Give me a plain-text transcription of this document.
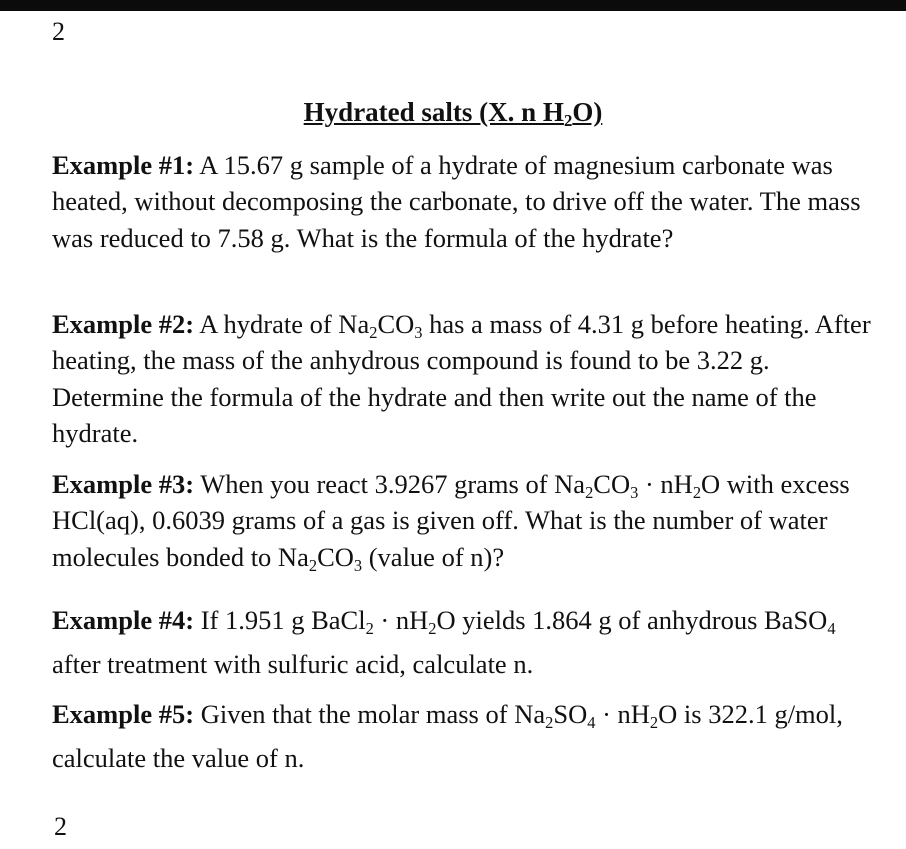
2
Hydrated salts (X. n $H_2O$)

Example #1: A 15.67 g sample of a hydrate of magnesium carbonate was heated, without decomposing the carbonate, to drive off the water. The mass was reduced to 7.58 g. What is the formula of the hydrate?

Example #2: A hydrate of $Na_2CO_3$ has a mass of 4.31 g before heating. After heating, the mass of the anhydrous compound is found to be 3.22 g. Determine the formula of the hydrate and then write out the name of the hydrate.

Example #3: When you react 3.9267 grams of $Na_2CO_3 \cdot nH_2O$ with excess HCl(aq), 0.6039 grams of a gas is given off. What is the number of water molecules bonded to $Na_2CO_3$ (value of n)?

Example #4: If 1.951 g BaCl$_2$ · $nH_2O$ yields 1.864 g of anhydrous BaSO$_4$ after treatment with sulfuric acid, calculate n.

Example #5: Given that the molar mass of $Na_2SO_4 \cdot nH_2O$ is 322.1 g/mol, calculate the value of n.

2
